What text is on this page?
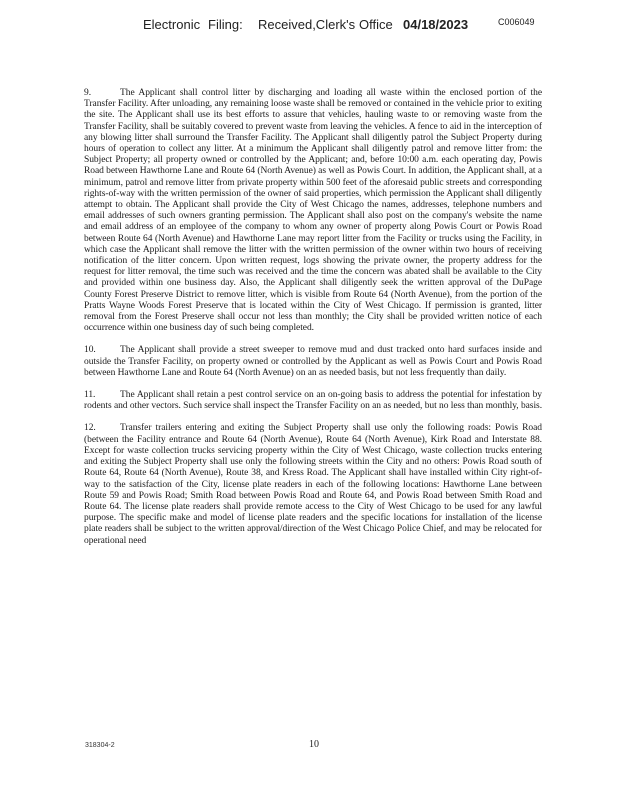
Electronic Filing: Received,Clerk's Office 04/18/2023	C006049

9.	The Applicant shall control litter by discharging and loading all waste within the enclosed portion of the Transfer Facility. After unloading, any remaining loose waste shall be removed or contained in the vehicle prior to exiting the site. The Applicant shall use its best efforts to assure that vehicles, hauling waste to or removing waste from the Transfer Facility, shall be suitably covered to prevent waste from leaving the vehicles. A fence to aid in the interception of any blowing litter shall surround the Transfer Facility. The Applicant shall diligently patrol the Subject Property during hours of operation to collect any litter. At a minimum the Applicant shall diligently patrol and remove litter from: the Subject Property; all property owned or controlled by the Applicant; and, before 10:00 a.m. each operating day, Powis Road between Hawthorne Lane and Route 64 (North Avenue) as well as Powis Court. In addition, the Applicant shall, at a minimum, patrol and remove litter from private property within 500 feet of the aforesaid public streets and corresponding rights-of-way with the written permission of the owner of said properties, which permission the Applicant shall diligently attempt to obtain. The Applicant shall provide the City of West Chicago the names, addresses, telephone numbers and email addresses of such owners granting permission. The Applicant shall also post on the company's website the name and email address of an employee of the company to whom any owner of property along Powis Court or Powis Road between Route 64 (North Avenue) and Hawthorne Lane may report litter from the Facility or trucks using the Facility, in which case the Applicant shall remove the litter with the written permission of the owner within two hours of receiving notification of the litter concern. Upon written request, logs showing the private owner, the property address for the request for litter removal, the time such was received and the time the concern was abated shall be available to the City and provided within one business day. Also, the Applicant shall diligently seek the written approval of the DuPage County Forest Preserve District to remove litter, which is visible from Route 64 (North Avenue), from the portion of the Pratts Wayne Woods Forest Preserve that is located within the City of West Chicago. If permission is granted, litter removal from the Forest Preserve shall occur not less than monthly; the City shall be provided written notice of each occurrence within one business day of such being completed.

10.	The Applicant shall provide a street sweeper to remove mud and dust tracked onto hard surfaces inside and outside the Transfer Facility, on property owned or controlled by the Applicant as well as Powis Court and Powis Road between Hawthorne Lane and Route 64 (North Avenue) on an as needed basis, but not less frequently than daily.

11.	The Applicant shall retain a pest control service on an on-going basis to address the potential for infestation by rodents and other vectors. Such service shall inspect the Transfer Facility on an as needed, but no less than monthly, basis.

12.	Transfer trailers entering and exiting the Subject Property shall use only the following roads: Powis Road (between the Facility entrance and Route 64 (North Avenue), Route 64 (North Avenue), Kirk Road and Interstate 88. Except for waste collection trucks servicing property within the City of West Chicago, waste collection trucks entering and exiting the Subject Property shall use only the following streets within the City and no others: Powis Road south of Route 64, Route 64 (North Avenue), Route 38, and Kress Road. The Applicant shall have installed within City right-of-way to the satisfaction of the City, license plate readers in each of the following locations: Hawthorne Lane between Route 59 and Powis Road; Smith Road between Powis Road and Route 64, and Powis Road between Smith Road and Route 64. The license plate readers shall provide remote access to the City of West Chicago to be used for any lawful purpose. The specific make and model of license plate readers and the specific locations for installation of the license plate readers shall be subject to the written approval/direction of the West Chicago Police Chief, and may be relocated for operational need

318304-2	10
